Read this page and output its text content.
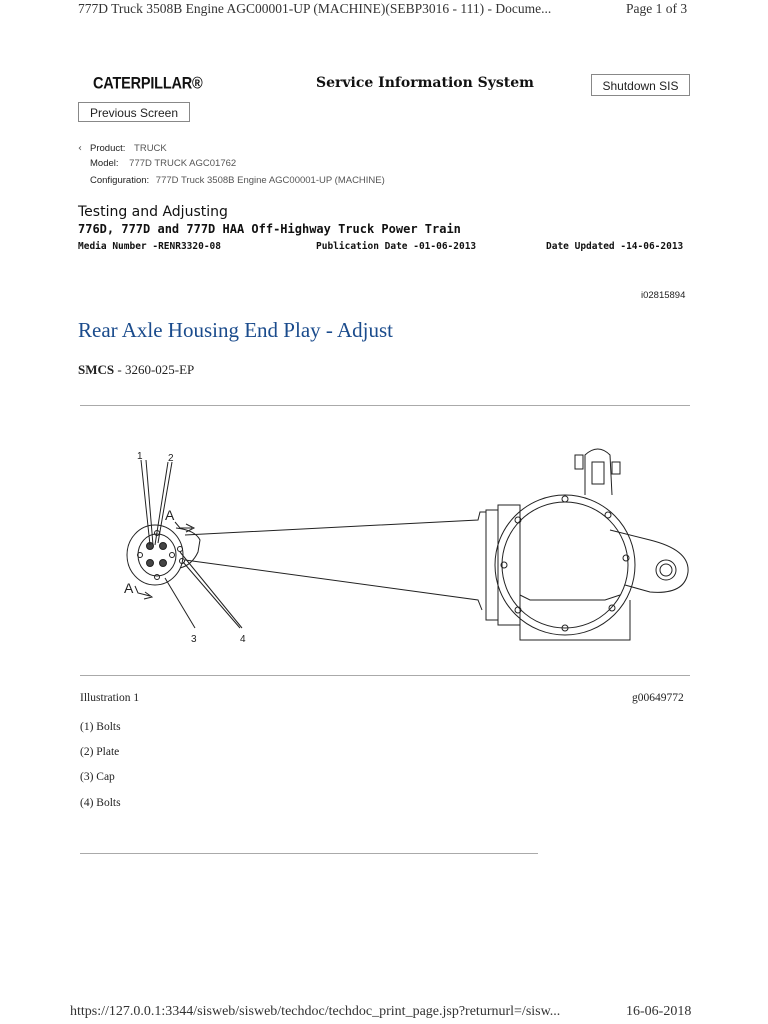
777D Truck 3508B Engine AGC00001-UP (MACHINE)(SEBP3016 - 111) - Docume...	Page 1 of 3
CATERPILLAR®	Service Information System	Shutdown SIS
Previous Screen
‹ Product: TRUCK
Model: 777D TRUCK AGC01762
Configuration: 777D Truck 3508B Engine AGC00001-UP (MACHINE)
Testing and Adjusting
776D, 777D and 777D HAA Off-Highway Truck Power Train
Media Number -RENR3320-08	Publication Date -01-06-2013	Date Updated -14-06-2013
i02815894
Rear Axle Housing End Play - Adjust
SMCS - 3260-025-EP
1	2
3	4
A
A
Illustration 1	g00649772
(1) Bolts
(2) Plate
(3) Cap
(4) Bolts
https://127.0.0.1:3344/sisweb/sisweb/techdoc/techdoc_print_page.jsp?returnurl=/sisw...	16-06-2018
